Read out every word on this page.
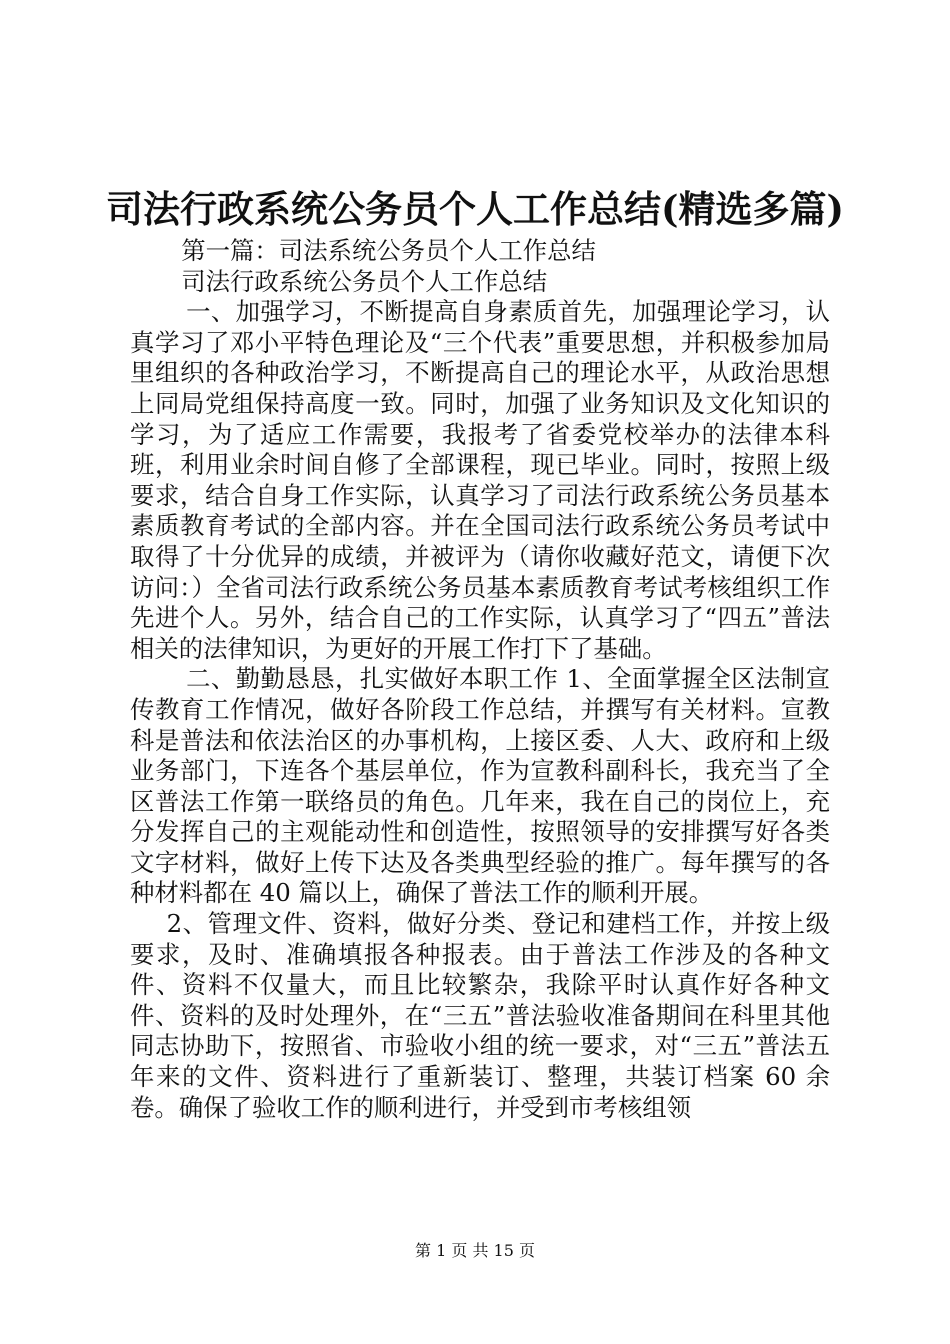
司法行政系统公务员个人工作总结(精选多篇)

第一篇：司法系统公务员个人工作总结

司法行政系统公务员个人工作总结

一、加强学习，不断提高自身素质首先，加强理论学习，认真学习了邓小平特色理论及“三个代表”重要思想，并积极参加局里组织的各种政治学习，不断提高自己的理论水平，从政治思想上同局党组保持高度一致。同时，加强了业务知识及文化知识的学习，为了适应工作需要，我报考了省委党校举办的法律本科班，利用业余时间自修了全部课程，现已毕业。同时，按照上级要求，结合自身工作实际，认真学习了司法行政系统公务员基本素质教育考试的全部内容。并在全国司法行政系统公务员考试中取得了十分优异的成绩，并被评为（请你收藏好范文，请便下次访问：）全省司法行政系统公务员基本素质教育考试考核组织工作先进个人。另外，结合自己的工作实际，认真学习了“四五”普法相关的法律知识，为更好的开展工作打下了基础。

二、勤勤恳恳，扎实做好本职工作 1、全面掌握全区法制宣传教育工作情况，做好各阶段工作总结，并撰写有关材料。宣教科是普法和依法治区的办事机构，上接区委、人大、政府和上级业务部门，下连各个基层单位，作为宣教科副科长，我充当了全区普法工作第一联络员的角色。几年来，我在自己的岗位上，充分发挥自己的主观能动性和创造性，按照领导的安排撰写好各类文字材料，做好上传下达及各类典型经验的推广。每年撰写的各种材料都在 40 篇以上，确保了普法工作的顺利开展。

2、管理文件、资料，做好分类、登记和建档工作，并按上级要求，及时、准确填报各种报表。由于普法工作涉及的各种文件、资料不仅量大，而且比较繁杂，我除平时认真作好各种文件、资料的及时处理外，在“三五”普法验收准备期间在科里其他同志协助下，按照省、市验收小组的统一要求，对“三五”普法五年来的文件、资料进行了重新装订、整理，共装订档案 60 余卷。确保了验收工作的顺利进行，并受到市考核组领

第 1 页 共 15 页
